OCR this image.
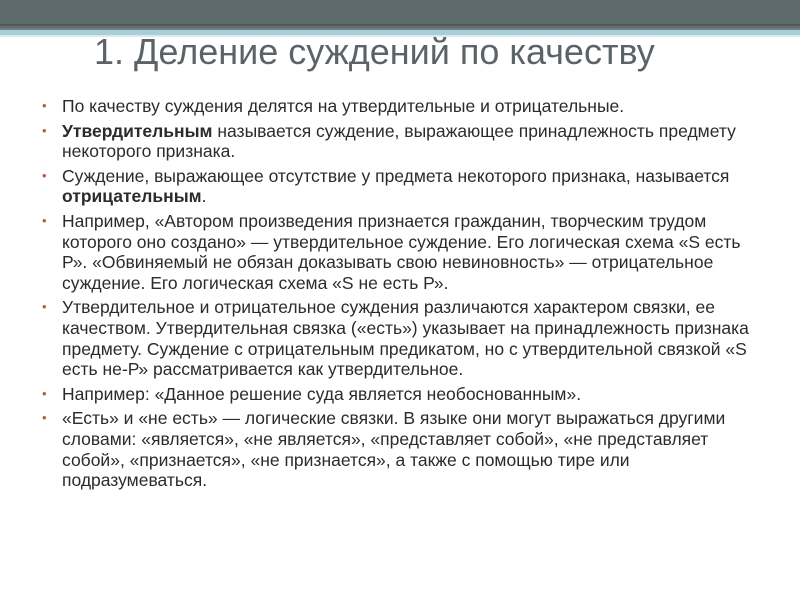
1. Деление суждений по качеству
• По качеству суждения делятся на утвердительные и отрицательные.
• Утвердительным называется суждение, выражающее принадлежность предмету некоторого признака.
• Суждение, выражающее отсутствие у предмета некоторого признака, называется отрицательным.
• Например, «Автором произведения признается гражданин, творческим трудом которого оно создано» — утвердительное суждение. Его логическая схема «S есть Р». «Обвиняемый не обязан доказывать свою невиновность» — отрицательное суждение. Его логическая схема «S не есть Р».
• Утвердительное и отрицательное суждения различаются характером связки, ее качеством. Утвердительная связка («есть») указывает на принадлежность признака предмету. Суждение с отрицательным предикатом, но с утвердительной связкой «S есть не-Р» рассматривается как утвердительное.
• Например: «Данное решение суда является необоснованным».
• «Есть» и «не есть» — логические связки. В языке они могут выражаться другими словами: «является», «не является», «представляет собой», «не представляет собой», «признается», «не признается», а также с помощью тире или подразумеваться.
